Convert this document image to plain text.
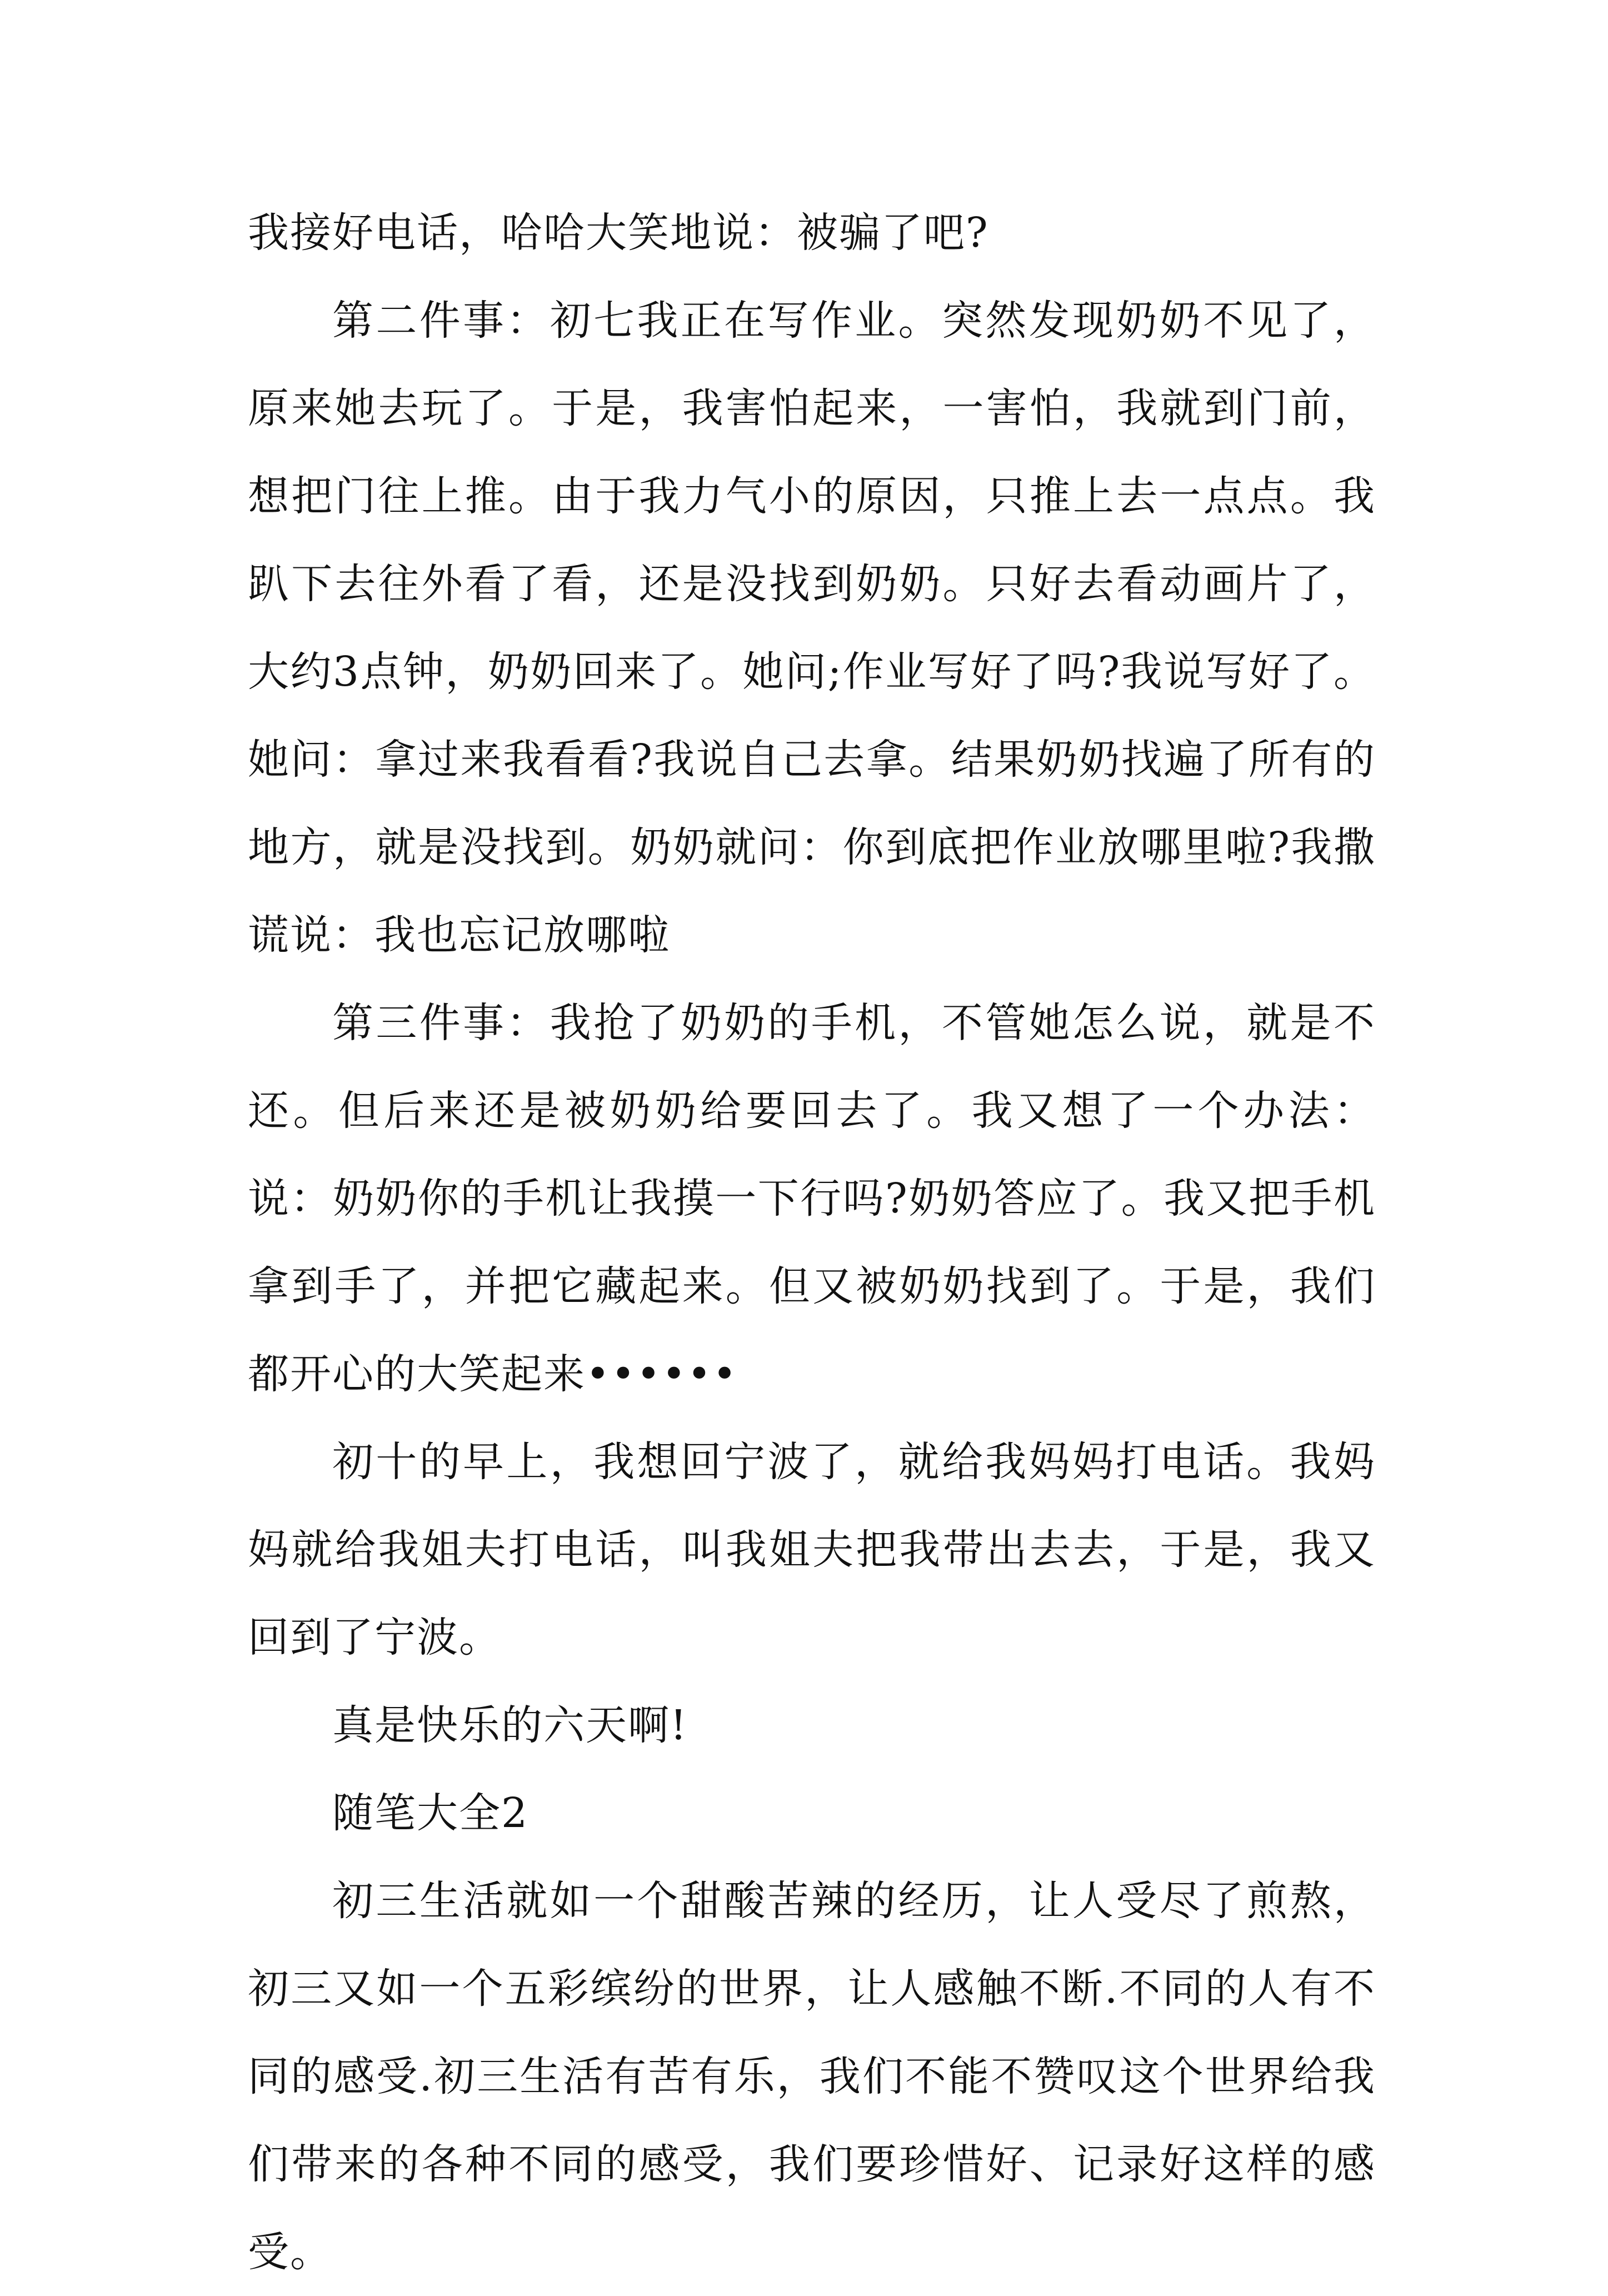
我接好电话，哈哈大笑地说：被骗了吧?

第二件事：初七我正在写作业。突然发现奶奶不见了，原来她去玩了。于是，我害怕起来，一害怕，我就到门前，想把门往上推。由于我力气小的原因，只推上去一点点。我趴下去往外看了看，还是没找到奶奶。只好去看动画片了，大约3点钟，奶奶回来了。她问;作业写好了吗?我说写好了。她问：拿过来我看看?我说自己去拿。结果奶奶找遍了所有的地方，就是没找到。奶奶就问：你到底把作业放哪里啦?我撒谎说：我也忘记放哪啦

第三件事：我抢了奶奶的手机，不管她怎么说，就是不还。但后来还是被奶奶给要回去了。我又想了一个办法：说：奶奶你的手机让我摸一下行吗?奶奶答应了。我又把手机拿到手了，并把它藏起来。但又被奶奶找到了。于是，我们都开心的大笑起来••••••

初十的早上，我想回宁波了，就给我妈妈打电话。我妈妈就给我姐夫打电话，叫我姐夫把我带出去去，于是，我又回到了宁波。

真是快乐的六天啊!

随笔大全2

初三生活就如一个甜酸苦辣的经历，让人受尽了煎熬，初三又如一个五彩缤纷的世界，让人感触不断.不同的人有不同的感受.初三生活有苦有乐，我们不能不赞叹这个世界给我们带来的各种不同的感受，我们要珍惜好、记录好这样的感受。
